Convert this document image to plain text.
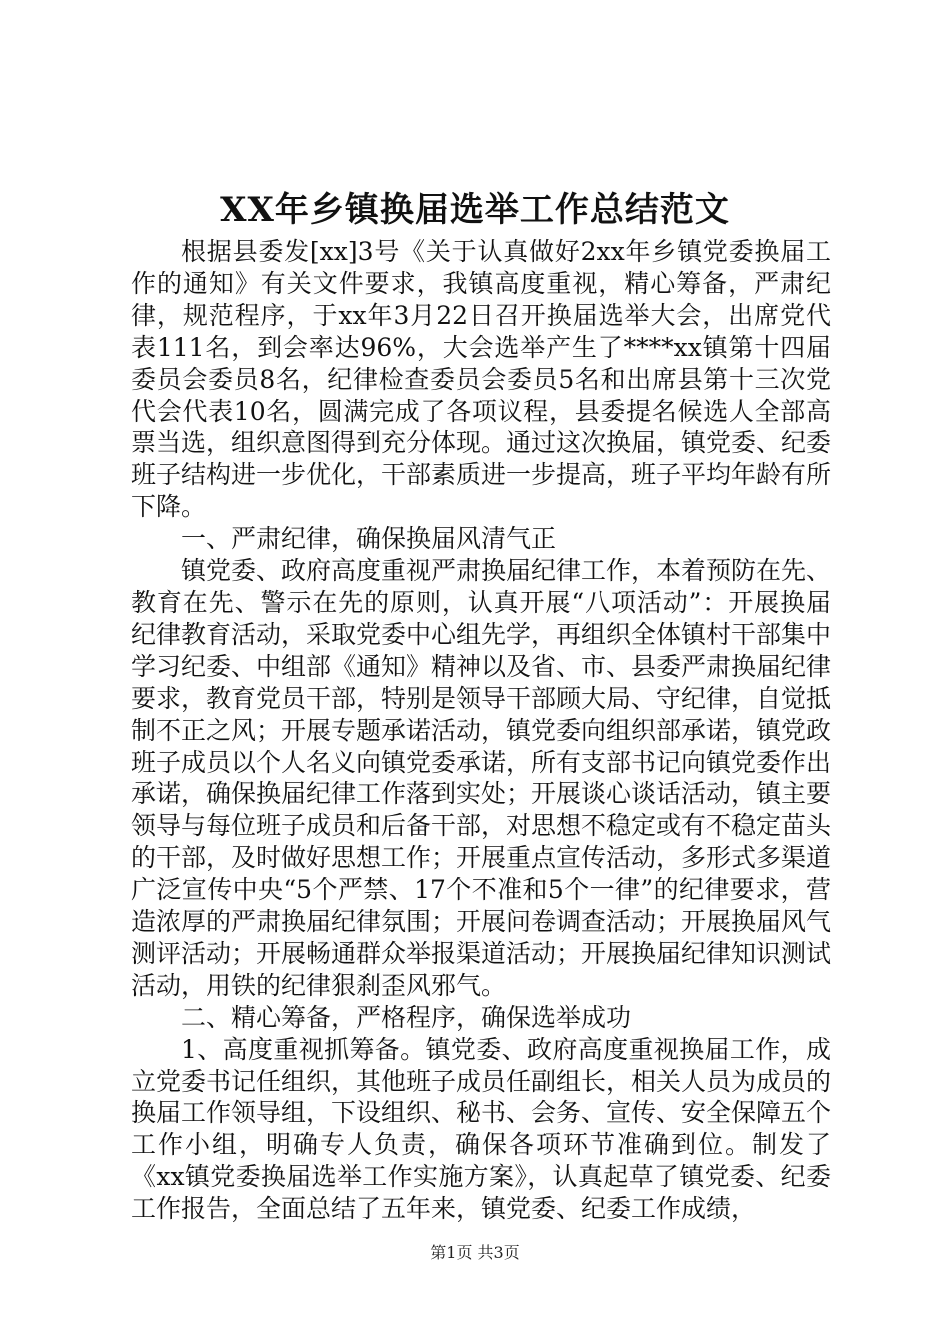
XX年乡镇换届选举工作总结范文

根据县委发[xx]3号《关于认真做好2xx年乡镇党委换届工作的通知》有关文件要求，我镇高度重视，精心筹备，严肃纪律，规范程序，于xx年3月22日召开换届选举大会，出席党代表111名，到会率达96%，大会选举产生了****xx镇第十四届委员会委员8名，纪律检查委员会委员5名和出席县第十三次党代会代表10名，圆满完成了各项议程，县委提名候选人全部高票当选，组织意图得到充分体现。通过这次换届，镇党委、纪委班子结构进一步优化，干部素质进一步提高，班子平均年龄有所下降。

一、严肃纪律，确保换届风清气正

镇党委、政府高度重视严肃换届纪律工作，本着预防在先、教育在先、警示在先的原则，认真开展“八项活动”：开展换届纪律教育活动，采取党委中心组先学，再组织全体镇村干部集中学习纪委、中组部《通知》精神以及省、市、县委严肃换届纪律要求，教育党员干部，特别是领导干部顾大局、守纪律，自觉抵制不正之风；开展专题承诺活动，镇党委向组织部承诺，镇党政班子成员以个人名义向镇党委承诺，所有支部书记向镇党委作出承诺，确保换届纪律工作落到实处；开展谈心谈话活动，镇主要领导与每位班子成员和后备干部，对思想不稳定或有不稳定苗头的干部，及时做好思想工作；开展重点宣传活动，多形式多渠道广泛宣传中央“5个严禁、17个不准和5个一律”的纪律要求，营造浓厚的严肃换届纪律氛围；开展问卷调查活动；开展换届风气测评活动；开展畅通群众举报渠道活动；开展换届纪律知识测试活动，用铁的纪律狠刹歪风邪气。

二、精心筹备，严格程序，确保选举成功

1、高度重视抓筹备。镇党委、政府高度重视换届工作，成立党委书记任组织，其他班子成员任副组长，相关人员为成员的换届工作领导组，下设组织、秘书、会务、宣传、安全保障五个工作小组，明确专人负责，确保各项环节准确到位。制发了《xx镇党委换届选举工作实施方案》，认真起草了镇党委、纪委工作报告，全面总结了五年来，镇党委、纪委工作成绩，

第1页 共3页
